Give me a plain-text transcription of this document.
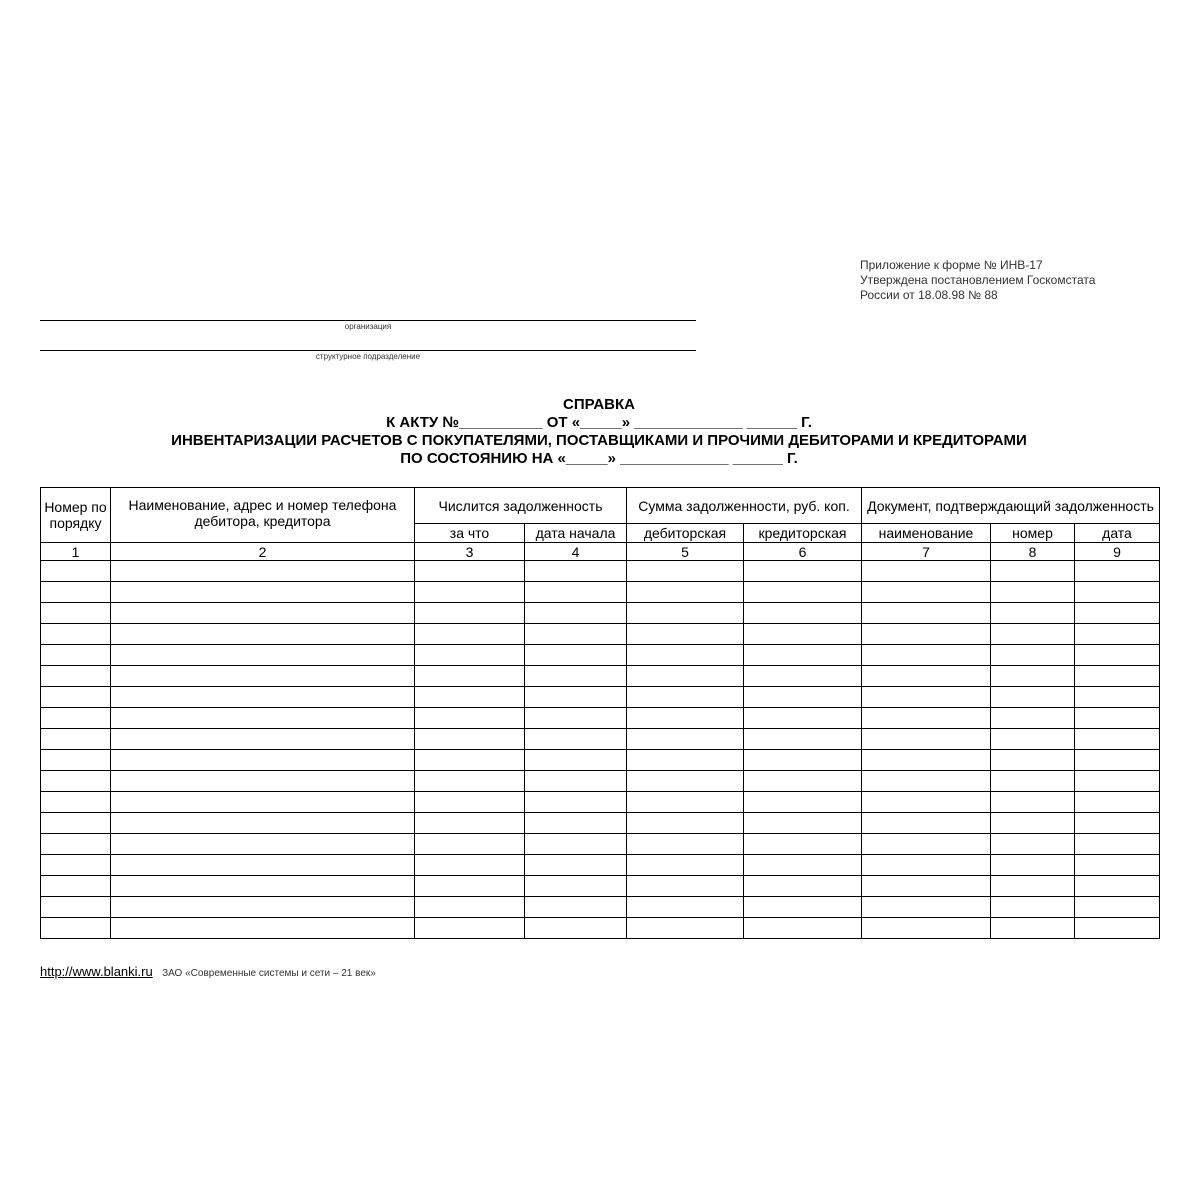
Приложение к форме № ИНВ-17
Утверждена постановлением Госкомстата
России от 18.08.98 № 88
организация
структурное подразделение
СПРАВКА
К АКТУ №__________ ОТ «_____» _____________ ______ Г.
ИНВЕНТАРИЗАЦИИ РАСЧЕТОВ С ПОКУПАТЕЛЯМИ, ПОСТАВЩИКАМИ И ПРОЧИМИ ДЕБИТОРАМИ И КРЕДИТОРАМИ
ПО СОСТОЯНИЮ НА «_____» _____________ ______ Г.
Номер по порядку	Наименование, адрес и номер телефона дебитора, кредитора	Числится задолженность		Сумма задолженности, руб. коп.		Документ, подтверждающий задолженность		
		за что	дата начала	дебиторская	кредиторская	наименование	номер	дата
1	2	3	4	5	6	7	8	9

http://www.blanki.ru ЗАО «Современные системы и сети – 21 век»
